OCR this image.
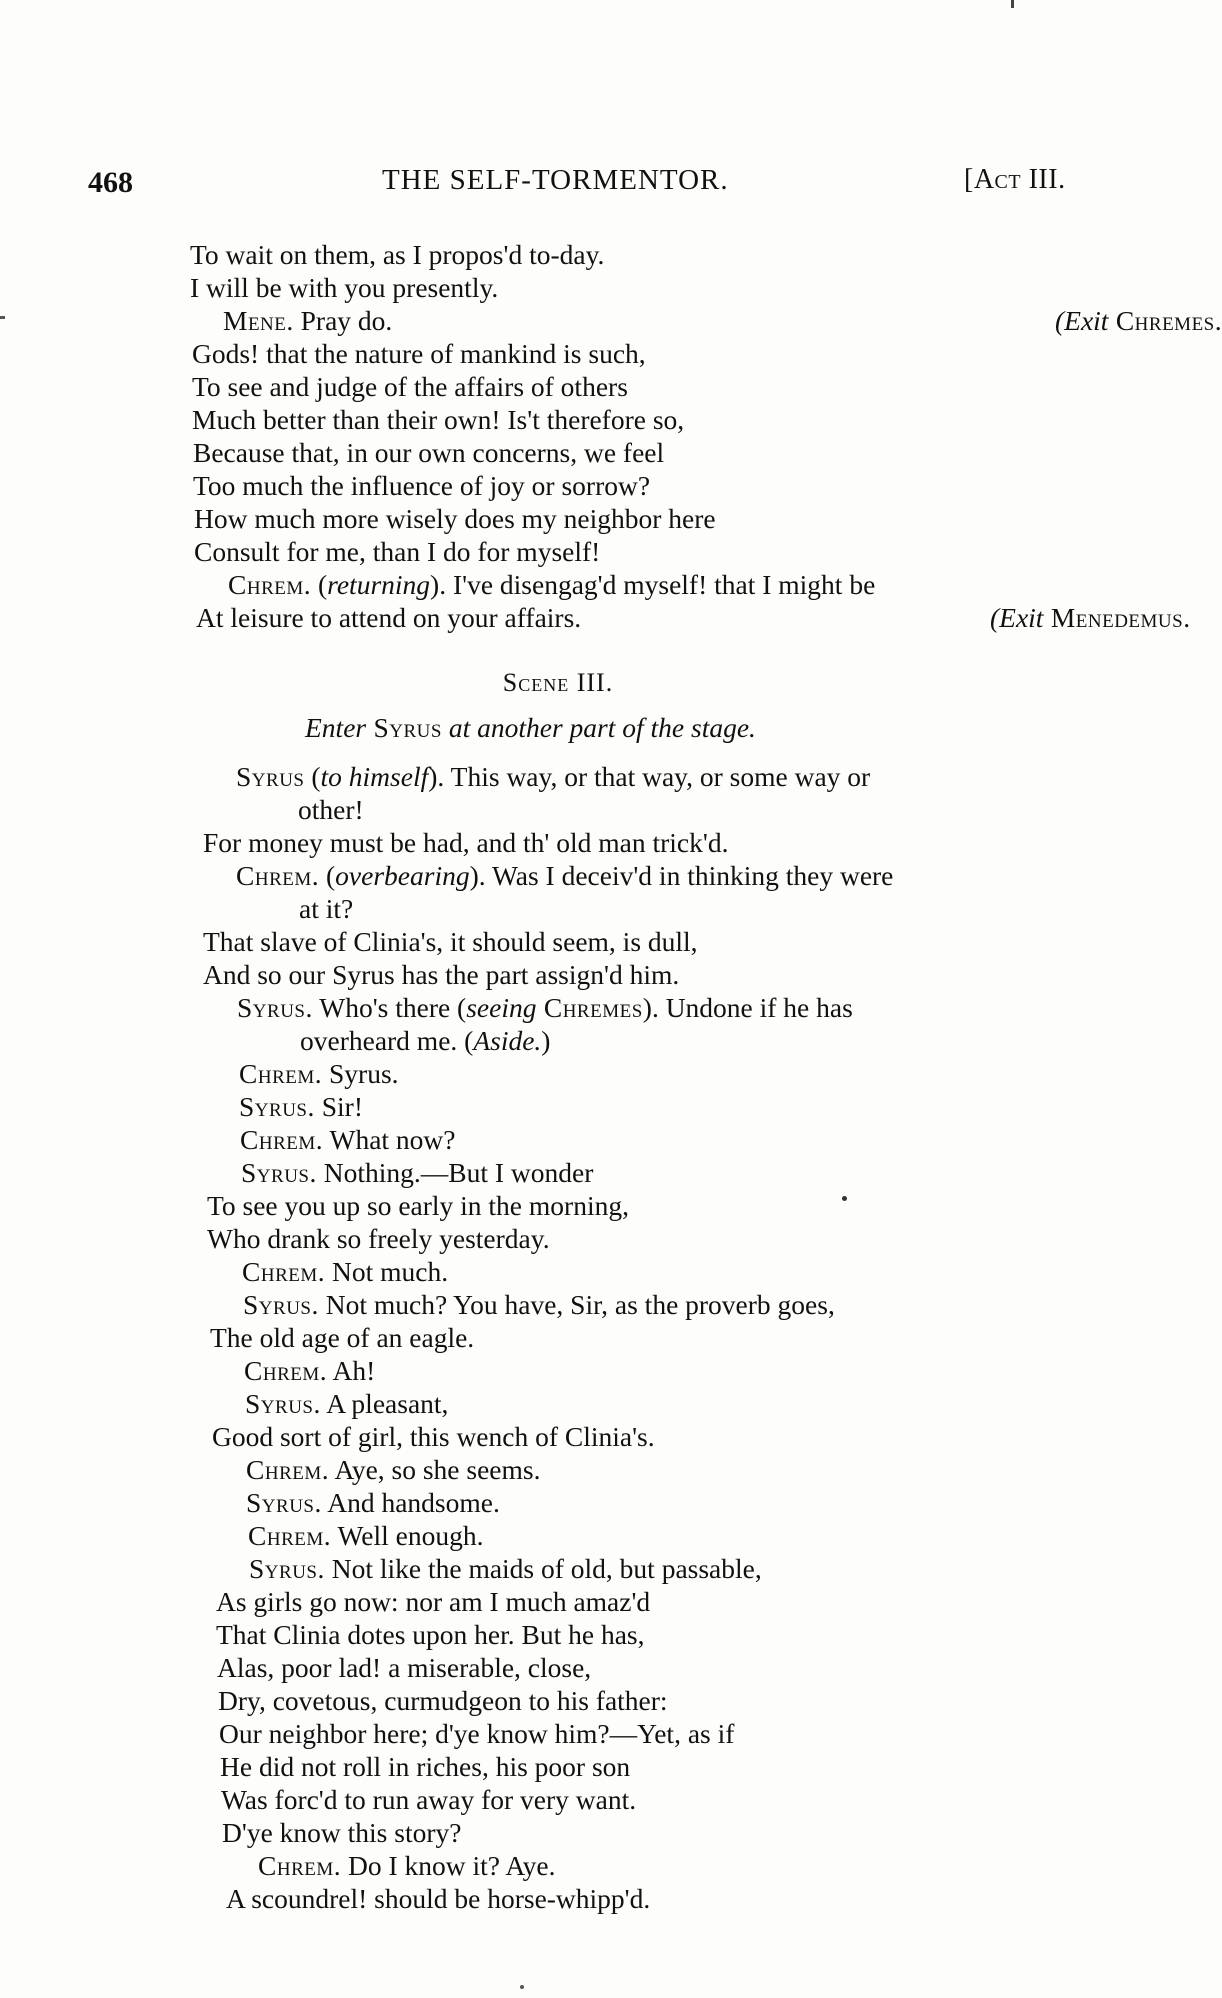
468	THE SELF-TORMENTOR.	[Act III.
To wait on them, as I propos'd to-day.
I will be with you presently.
Mene. Pray do.	(Exit Chremes.
Gods! that the nature of mankind is such,
To see and judge of the affairs of others
Much better than their own! Is't therefore so,
Because that, in our own concerns, we feel
Too much the influence of joy or sorrow?
How much more wisely does my neighbor here
Consult for me, than I do for myself!
Chrem. (returning). I've disengag'd myself! that I might be
At leisure to attend on your affairs.	(Exit Menedemus.
Scene III.
Enter Syrus at another part of the stage.
Syrus (to himself). This way, or that way, or some way or
other!
For money must be had, and th' old man trick'd.
Chrem. (overbearing). Was I deceiv'd in thinking they were
at it?
That slave of Clinia's, it should seem, is dull,
And so our Syrus has the part assign'd him.
Syrus. Who's there (seeing Chremes). Undone if he has
overheard me. (Aside.)
Chrem. Syrus.
Syrus. Sir!
Chrem. What now?
Syrus. Nothing.—But I wonder
To see you up so early in the morning,
Who drank so freely yesterday.
Chrem. Not much.
Syrus. Not much? You have, Sir, as the proverb goes,
The old age of an eagle.
Chrem. Ah!
Syrus. A pleasant,
Good sort of girl, this wench of Clinia's.
Chrem. Aye, so she seems.
Syrus. And handsome.
Chrem. Well enough.
Syrus. Not like the maids of old, but passable,
As girls go now: nor am I much amaz'd
That Clinia dotes upon her. But he has,
Alas, poor lad! a miserable, close,
Dry, covetous, curmudgeon to his father:
Our neighbor here; d'ye know him?—Yet, as if
He did not roll in riches, his poor son
Was forc'd to run away for very want.
D'ye know this story?
Chrem. Do I know it? Aye.
A scoundrel! should be horse-whipp'd.
